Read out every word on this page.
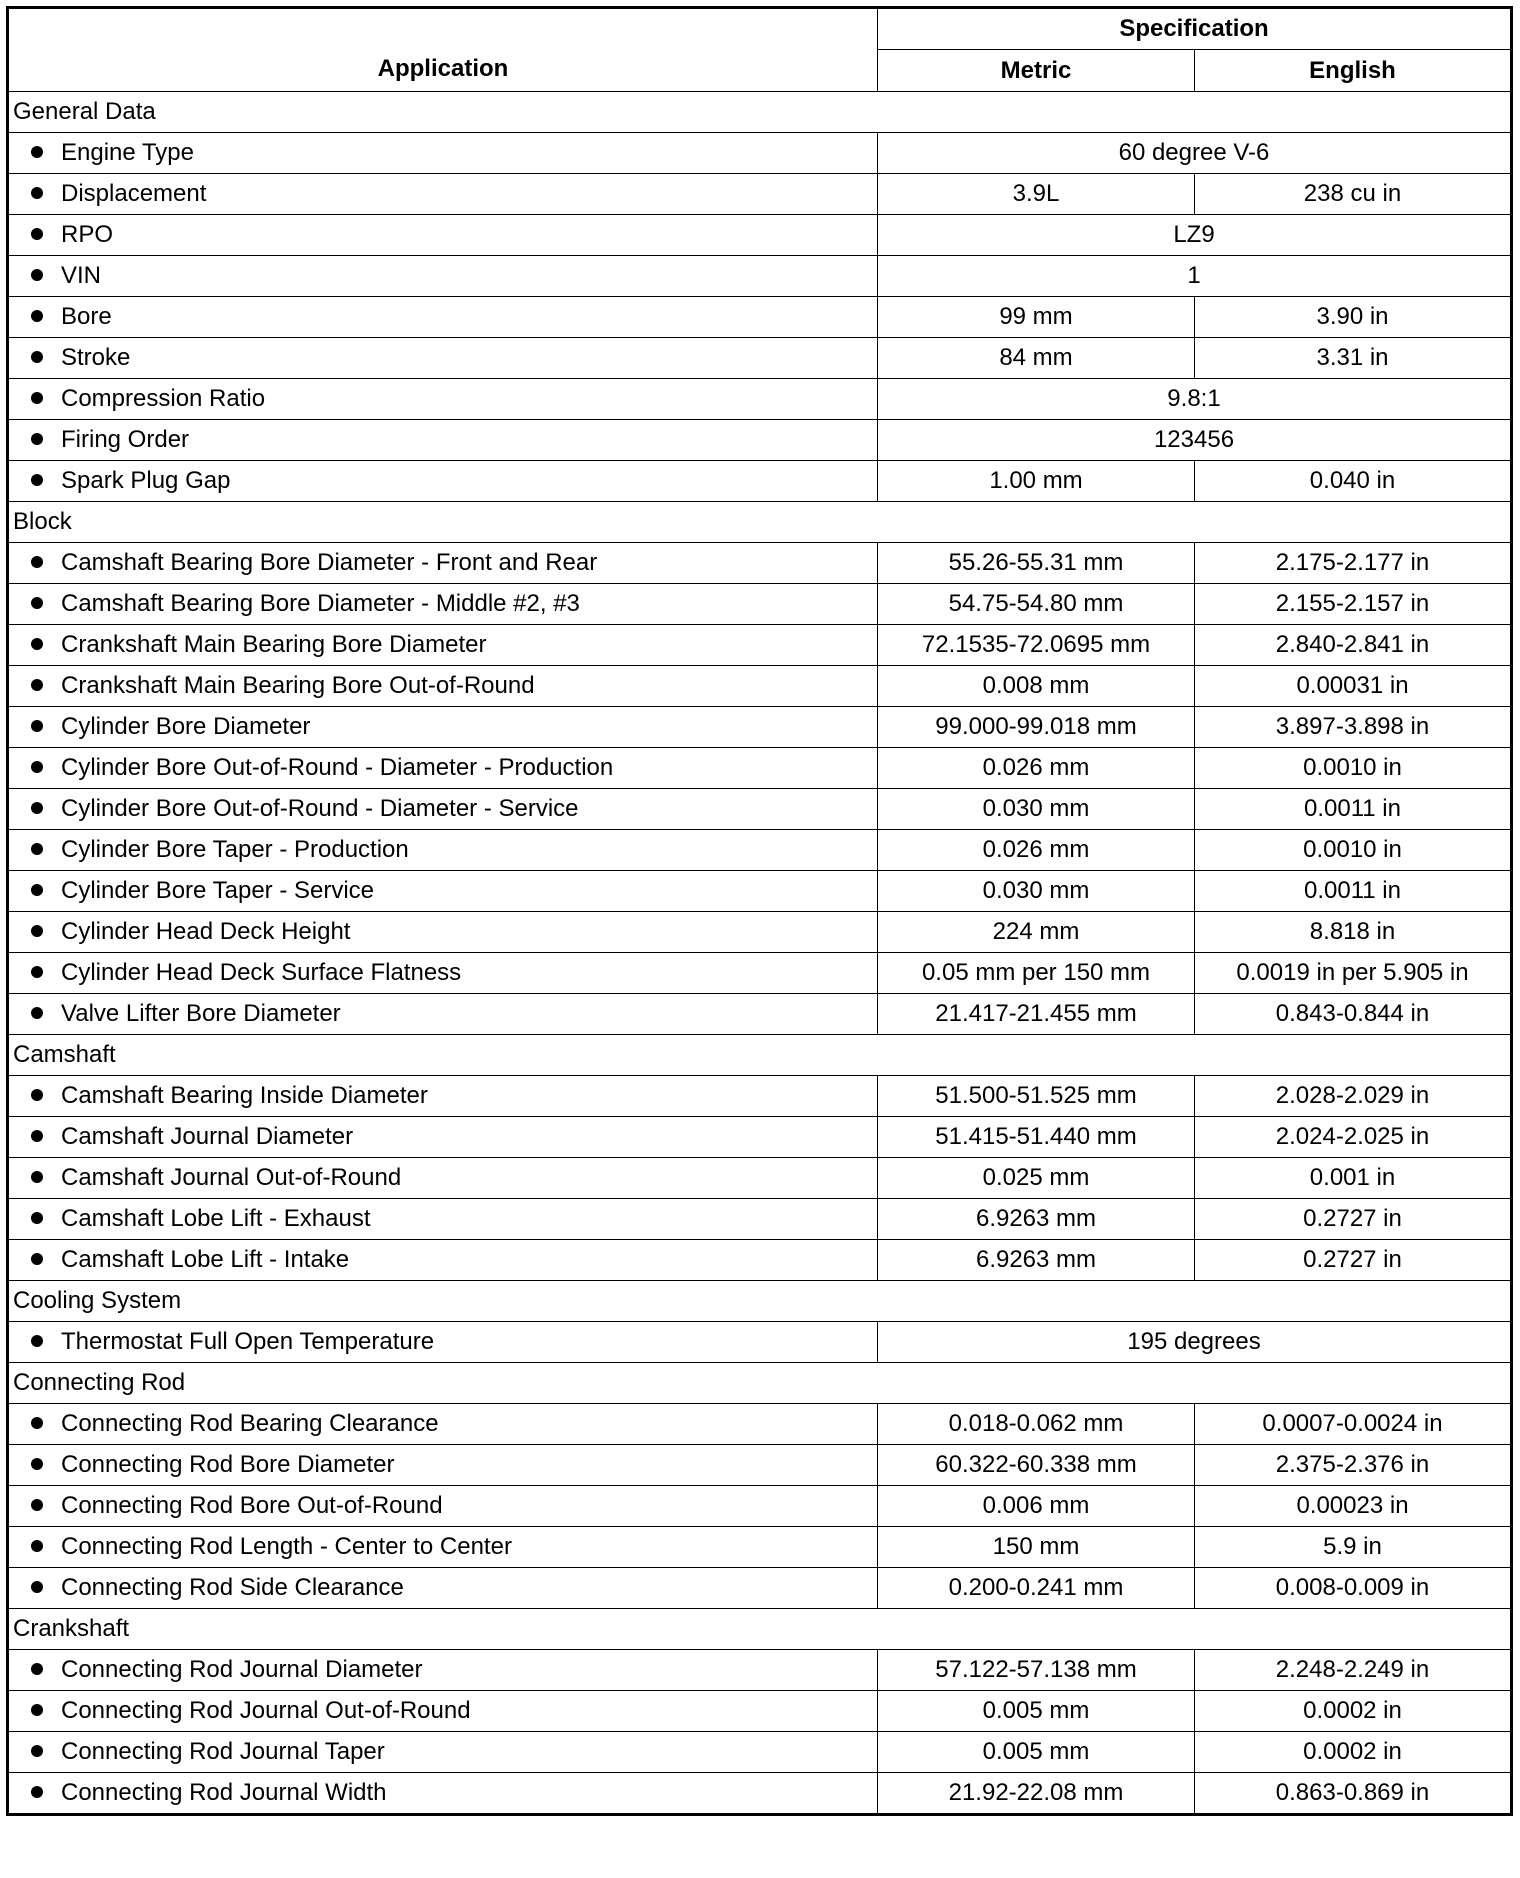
Application	Specification	
	Metric	English
General Data		
Engine Type	60 degree V-6	
Displacement	3.9L	238 cu in
RPO	LZ9	
VIN	1	
Bore	99 mm	3.90 in
Stroke	84 mm	3.31 in
Compression Ratio	9.8:1	
Firing Order	123456	
Spark Plug Gap	1.00 mm	0.040 in
Block		
Camshaft Bearing Bore Diameter - Front and Rear	55.26-55.31 mm	2.175-2.177 in
Camshaft Bearing Bore Diameter - Middle #2, #3	54.75-54.80 mm	2.155-2.157 in
Crankshaft Main Bearing Bore Diameter	72.1535-72.0695 mm	2.840-2.841 in
Crankshaft Main Bearing Bore Out-of-Round	0.008 mm	0.00031 in
Cylinder Bore Diameter	99.000-99.018 mm	3.897-3.898 in
Cylinder Bore Out-of-Round - Diameter - Production	0.026 mm	0.0010 in
Cylinder Bore Out-of-Round - Diameter - Service	0.030 mm	0.0011 in
Cylinder Bore Taper - Production	0.026 mm	0.0010 in
Cylinder Bore Taper - Service	0.030 mm	0.0011 in
Cylinder Head Deck Height	224 mm	8.818 in
Cylinder Head Deck Surface Flatness	0.05 mm per 150 mm	0.0019 in per 5.905 in
Valve Lifter Bore Diameter	21.417-21.455 mm	0.843-0.844 in
Camshaft		
Camshaft Bearing Inside Diameter	51.500-51.525 mm	2.028-2.029 in
Camshaft Journal Diameter	51.415-51.440 mm	2.024-2.025 in
Camshaft Journal Out-of-Round	0.025 mm	0.001 in
Camshaft Lobe Lift - Exhaust	6.9263 mm	0.2727 in
Camshaft Lobe Lift - Intake	6.9263 mm	0.2727 in
Cooling System		
Thermostat Full Open Temperature	195 degrees	
Connecting Rod		
Connecting Rod Bearing Clearance	0.018-0.062 mm	0.0007-0.0024 in
Connecting Rod Bore Diameter	60.322-60.338 mm	2.375-2.376 in
Connecting Rod Bore Out-of-Round	0.006 mm	0.00023 in
Connecting Rod Length - Center to Center	150 mm	5.9 in
Connecting Rod Side Clearance	0.200-0.241 mm	0.008-0.009 in
Crankshaft		
Connecting Rod Journal Diameter	57.122-57.138 mm	2.248-2.249 in
Connecting Rod Journal Out-of-Round	0.005 mm	0.0002 in
Connecting Rod Journal Taper	0.005 mm	0.0002 in
Connecting Rod Journal Width	21.92-22.08 mm	0.863-0.869 in
